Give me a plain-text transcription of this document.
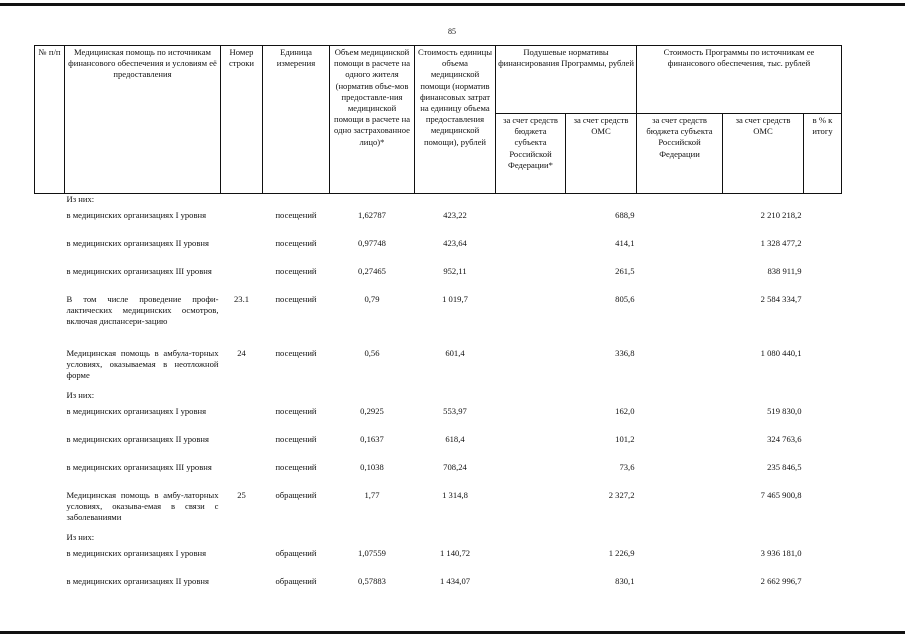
85
№ п/п	Медицинская помощь по источникам финансового обеспечения и условиям её предоставления	Номер строки	Единица измерения	Объем медицинской помощи в расчете на одного жителя (норматив объе-мов предоставле-ния медицинской помощи в расчете на одно застрахованное лицо)*	Стоимость единицы объема медицинской помощи (норматив финансовых затрат на единицу объема предоставления медицинской помощи), рублей	Подушевые нормативы финансирования Программы, рублей		Стоимость Программы по источникам ее финансового обеспечения, тыс. рублей		
						за счет средств бюджета субъекта Российской Федерации*	за счет средств ОМС	за счет средств бюджета субъекта Российской Федерации	за счет средств ОМС	в % к итогу
	Из них:									
	в медицинских организациях I уровня		посещений	1,62787	423,22		688,9		2 210 218,2	
	в медицинских организациях II уровня		посещений	0,97748	423,64		414,1		1 328 477,2	
	в медицинских организациях III уровня		посещений	0,27465	952,11		261,5		838 911,9	
	В том числе проведение профи-лактических медицинских осмотров, включая диспансери-зацию	23.1	посещений	0,79	1 019,7		805,6		2 584 334,7	
	Медицинская помощь в амбула-торных условиях, оказываемая в неотложной форме	24	посещений	0,56	601,4		336,8		1 080 440,1	
	Из них:									
	в медицинских организациях I уровня		посещений	0,2925	553,97		162,0		519 830,0	
	в медицинских организациях II уровня		посещений	0,1637	618,4		101,2		324 763,6	
	в медицинских организациях III уровня		посещений	0,1038	708,24		73,6		235 846,5	
	Медицинская помощь в амбу-латорных условиях, оказыва-емая в связи с заболеваниями	25	обращений	1,77	1 314,8		2 327,2		7 465 900,8	
	Из них:									
	в медицинских организациях I уровня		обращений	1,07559	1 140,72		1 226,9		3 936 181,0	
	в медицинских организациях II уровня		обращений	0,57883	1 434,07		830,1		2 662 996,7	
